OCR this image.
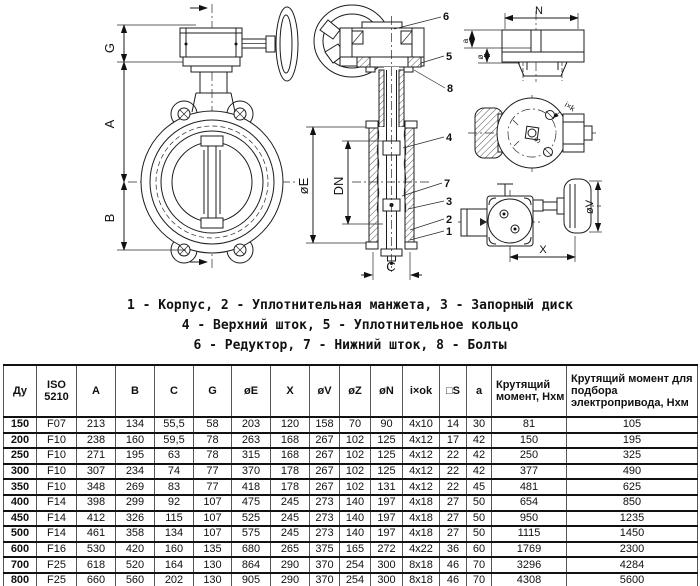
G
A
B
øE DN
C
6
5
8
4
7
3
2
1
N
a
ø
i×k
S
øV
X
1 - Корпус, 2 - Уплотнительная манжета, 3 - Запорный диск
4 - Верхний шток, 5 - Уплотнительное кольцо
6 - Редуктор, 7 - Нижний шток, 8 - Болты
Ду	ISO 5210	A	B	C	G	øE	X	øV	øZ	øN	i×ok	□S	a	Крутящий момент, Нхм	Крутящий момент для подбора электропривода, Нхм
150	F07	213	134	55,5	58	203	120	158	70	90	4x10	14	30	81	105
200	F10	238	160	59,5	78	263	168	267	102	125	4x12	17	42	150	195
250	F10	271	195	63	78	315	168	267	102	125	4x12	22	42	250	325
300	F10	307	234	74	77	370	178	267	102	125	4x12	22	42	377	490
350	F10	348	269	83	77	418	178	267	102	131	4x12	22	45	481	625
400	F14	398	299	92	107	475	245	273	140	197	4x18	27	50	654	850
450	F14	412	326	115	107	525	245	273	140	197	4x18	27	50	950	1235
500	F14	461	358	134	107	575	245	273	140	197	4x18	27	50	1115	1450
600	F16	530	420	160	135	680	265	375	165	272	4x22	36	60	1769	2300
700	F25	618	520	164	130	864	290	370	254	300	8x18	46	70	3296	4284
800	F25	660	560	202	130	905	290	370	254	300	8x18	46	70	4308	5600
